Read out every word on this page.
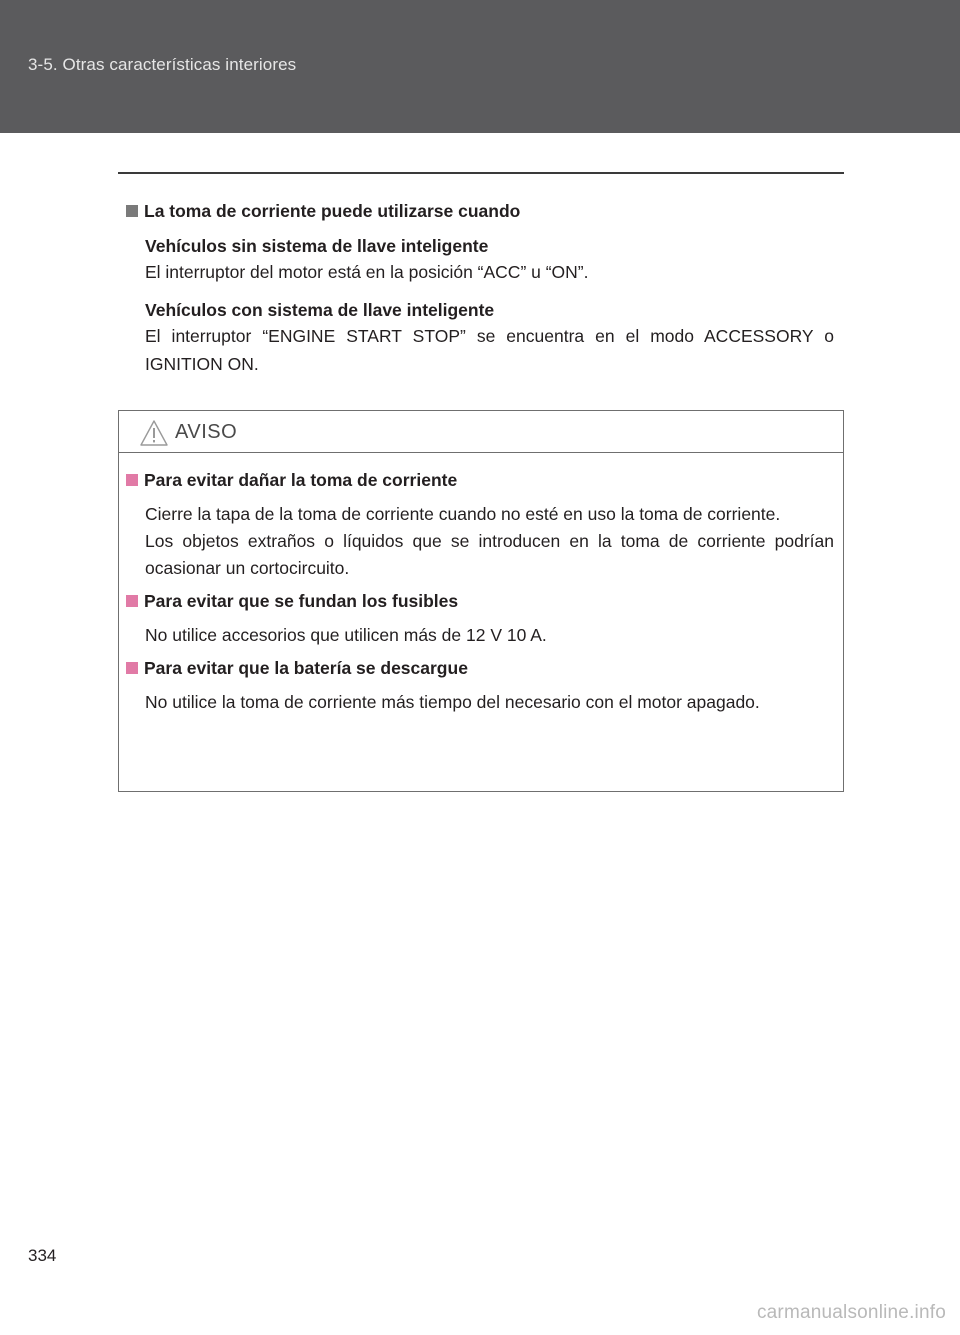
3-5. Otras características interiores
La toma de corriente puede utilizarse cuando
Vehículos sin sistema de llave inteligente
El interruptor del motor está en la posición “ACC” u “ON”.
Vehículos con sistema de llave inteligente
El interruptor “ENGINE START STOP” se encuentra en el modo ACCESSORY o IGNITION ON.
AVISO
Para evitar dañar la toma de corriente
Cierre la tapa de la toma de corriente cuando no esté en uso la toma de corriente.
Los objetos extraños o líquidos que se introducen en la toma de corriente podrían ocasionar un cortocircuito.
Para evitar que se fundan los fusibles
No utilice accesorios que utilicen más de 12 V 10 A.
Para evitar que la batería se descargue
No utilice la toma de corriente más tiempo del necesario con el motor apagado.
334
carmanualsonline.info
